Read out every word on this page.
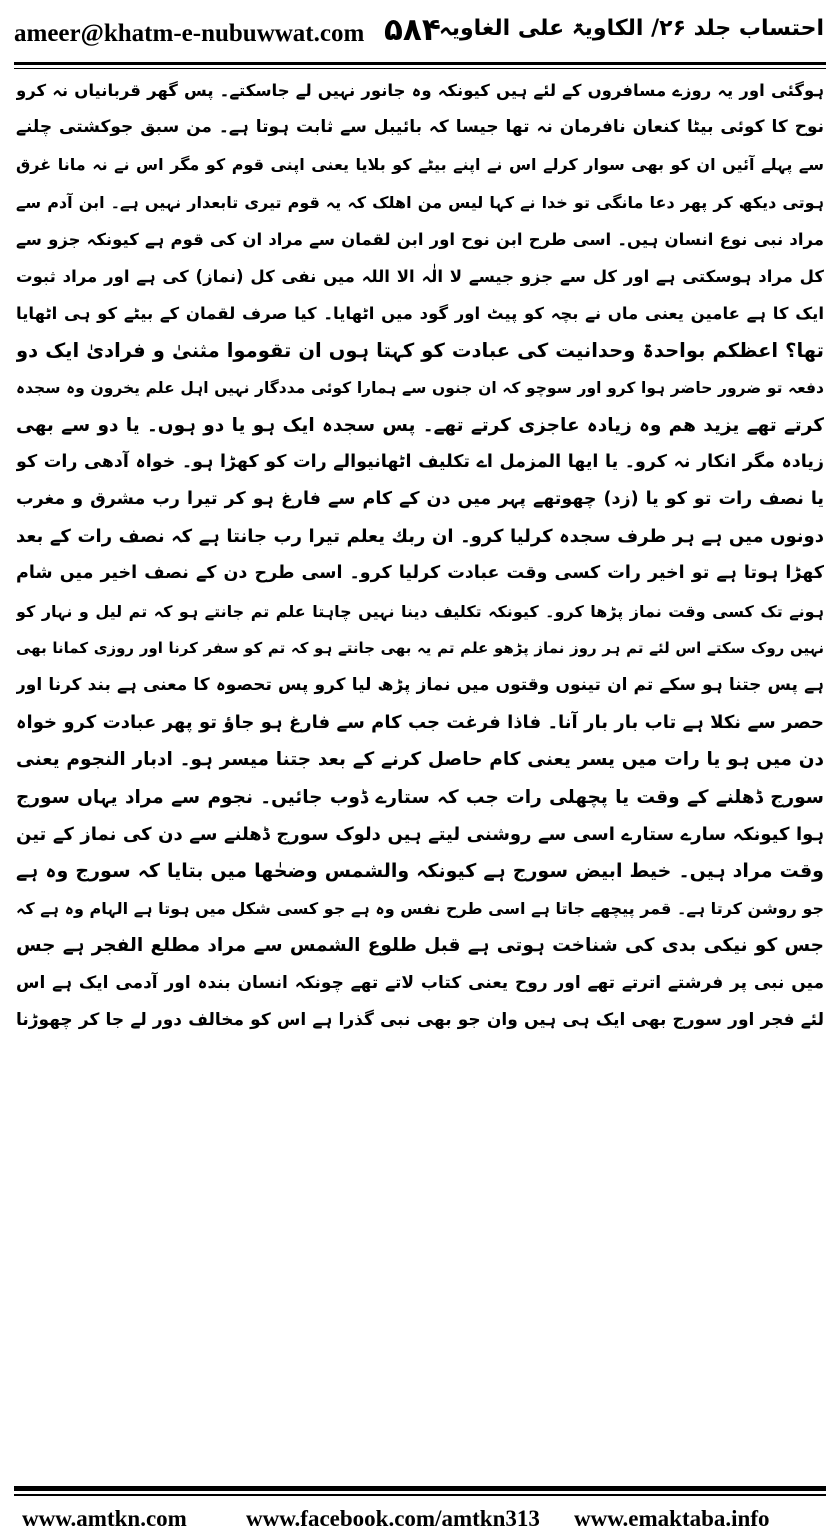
ameer@khatm-e-nubuwwat.com ۵۸۴
احتساب جلد ۲۶/ الکاویۃ علی الغاویہ
ہوگئی اور یہ روزے مسافروں کے لئے ہیں کیونکہ وہ جانور نہیں لے جاسکتے۔ پس گھر قربانیاں نہ کرو
نوح کا کوئی بیٹا کنعان نافرمان نہ تھا جیسا کہ بائیبل سے ثابت ہوتا ہے۔ من سبق جوکشتی چلنے
سے پہلے آئیں ان کو بھی سوار کرلے اس نے اپنے بیٹے کو بلایا یعنی اپنی قوم کو مگر اس نے نہ مانا غرق
ہوتی دیکھ کر پھر دعا مانگی تو خدا نے کہا لیس من اھلک کہ یہ قوم تیری تابعدار نہیں ہے۔ ابن آدم سے
مراد نبی نوع انسان ہیں۔ اسی طرح ابن نوح اور ابن لقمان سے مراد ان کی قوم ہے کیونکہ جزو سے
کل مراد ہوسکتی ہے اور کل سے جزو جیسے لا الٰہ الا اللہ میں نفی کل (نماز) کی ہے اور مراد ثبوت
ایک کا ہے عامین یعنی ماں نے بچہ کو پیٹ اور گود میں اٹھایا۔ کیا صرف لقمان کے بیٹے کو ہی اٹھایا
تھا؟ اعظکم بواحدۃ وحدانیت کی عبادت کو کہتا ہوں ان تقوموا مثنیٰ و فرادیٰ ایک دو
دفعہ تو ضرور حاضر ہوا کرو اور سوچو کہ ان جنوں سے ہمارا کوئی مددگار نہیں اہل علم یخرون وہ سجدہ
کرتے تھے یزید ھم وہ زیادہ عاجزی کرتے تھے۔ پس سجدہ ایک ہو یا دو ہوں۔ یا دو سے بھی
زیادہ مگر انکار نہ کرو۔ یا ایھا المزمل اے تکلیف اٹھانیوالے رات کو کھڑا ہو۔ خواہ آدھی رات کو
یا نصف رات تو کو یا (زد) چھوتھے پہر میں دن کے کام سے فارغ ہو کر تیرا رب مشرق و مغرب
دونوں میں ہے ہر طرف سجدہ کرلیا کرو۔ ان ربك یعلم تیرا رب جانتا ہے کہ نصف رات کے بعد
کھڑا ہوتا ہے تو اخیر رات کسی وقت عبادت کرلیا کرو۔ اسی طرح دن کے نصف اخیر میں شام
ہونے تک کسی وقت نماز پڑھا کرو۔ کیونکہ تکلیف دینا نہیں چاہتا علم تم جانتے ہو کہ تم لیل و نہار کو
نہیں روک سکتے اس لئے تم ہر روز نماز پڑھو علم تم یہ بھی جانتے ہو کہ تم کو سفر کرنا اور روزی کمانا بھی
ہے پس جتنا ہو سکے تم ان تینوں وقتوں میں نماز پڑھ لیا کرو پس تحصوہ کا معنی ہے بند کرنا اور
حصر سے نکلا ہے تاب بار بار آنا۔ فاذا فرغت جب کام سے فارغ ہو جاؤ تو پھر عبادت کرو خواہ
دن میں ہو یا رات میں یسر یعنی کام حاصل کرنے کے بعد جتنا میسر ہو۔ ادبار النجوم یعنی
سورج ڈھلنے کے وقت یا پچھلی رات جب کہ ستارے ڈوب جائیں۔ نجوم سے مراد یہاں سورج
ہوا کیونکہ سارے ستارے اسی سے روشنی لیتے ہیں دلوک سورج ڈھلنے سے دن کی نماز کے تین
وقت مراد ہیں۔ خیط ابیض سورج ہے کیونکہ والشمس وضحٰھا میں بتایا کہ سورج وہ ہے
جو روشن کرتا ہے۔ قمر پیچھے جاتا ہے اسی طرح نفس وہ ہے جو کسی شکل میں ہوتا ہے الہام وہ ہے کہ
جس کو نیکی بدی کی شناخت ہوتی ہے قبل طلوع الشمس سے مراد مطلع الفجر ہے جس
میں نبی پر فرشتے اترتے تھے اور روح یعنی کتاب لاتے تھے چونکہ انسان بندہ اور آدمی ایک ہے اس
لئے فجر اور سورج بھی ایک ہی ہیں وان جو بھی نبی گذرا ہے اس کو مخالف دور لے جا کر چھوڑنا
www.amtkn.com	www.facebook.com/amtkn313 www.emaktaba.info
